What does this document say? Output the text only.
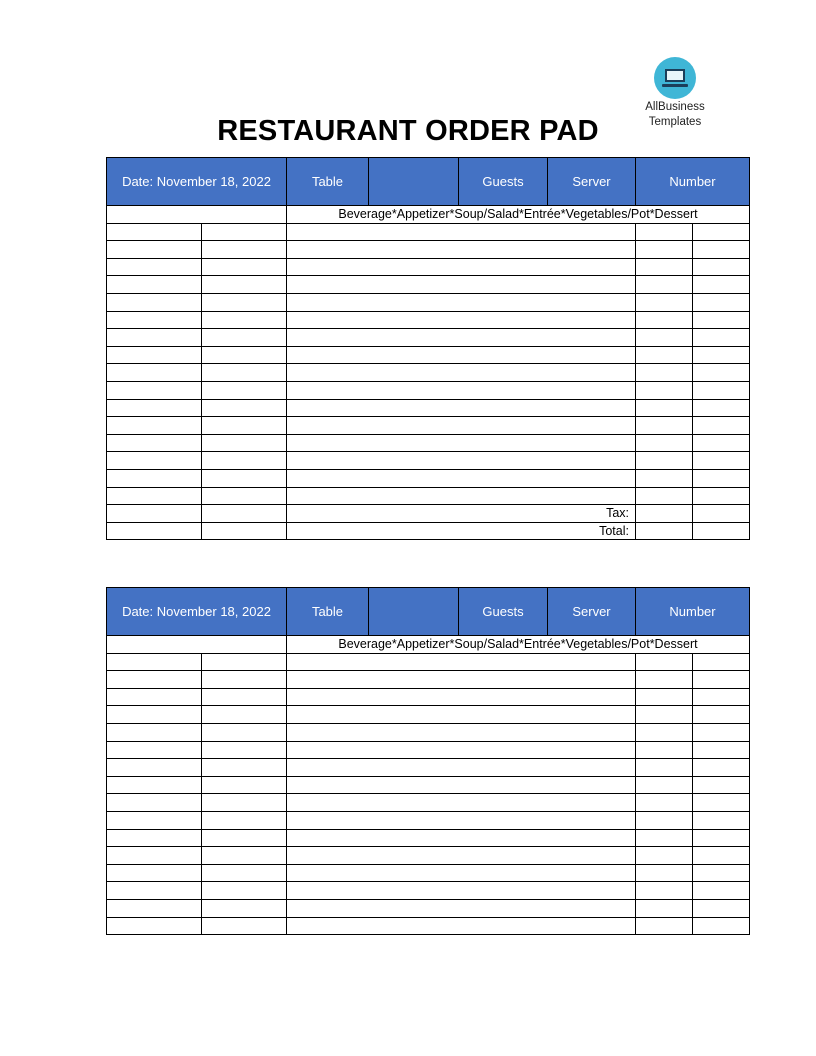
AllBusiness
Templates
RESTAURANT ORDER PAD
Date: November 18, 2022		Table		Guests	Server	Number	
		Beverage*Appetizer*Soup/Salad*Entrée*Vegetables/Pot*Dessert					

		Tax:					
		Total:					
Date: November 18, 2022		Table		Guests	Server	Number	
		Beverage*Appetizer*Soup/Salad*Entrée*Vegetables/Pot*Dessert					
